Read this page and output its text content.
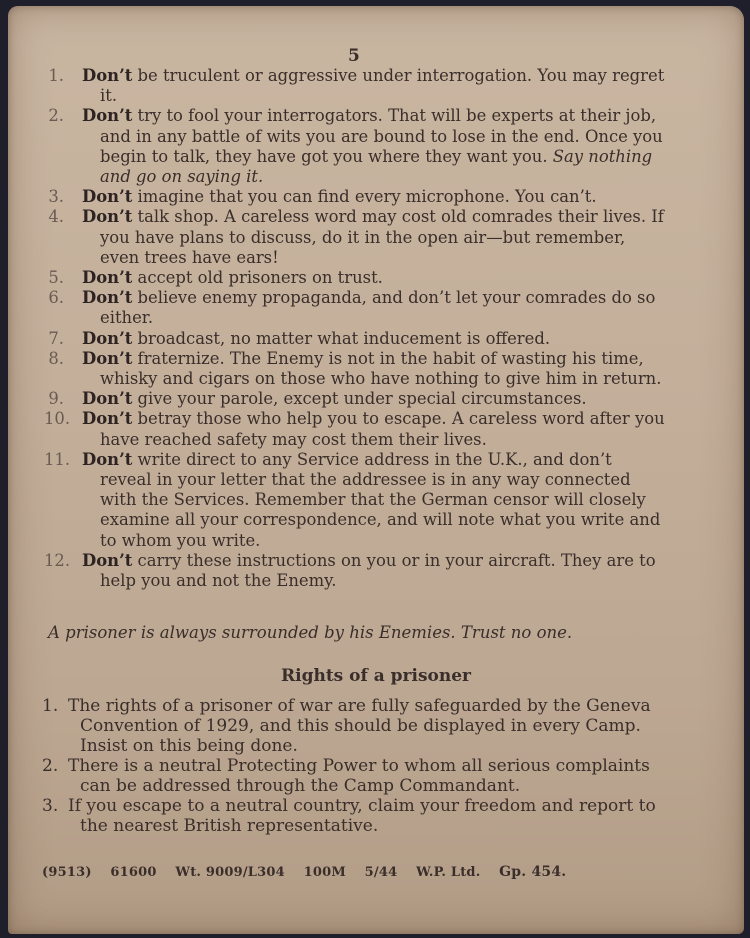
5
1. Don’t be truculent or aggressive under interrogation. You may regret it.
2. Don’t try to fool your interrogators. That will be experts at their job, and in any battle of wits you are bound to lose in the end. Once you begin to talk, they have got you where they want you. Say nothing and go on saying it.
3. Don’t imagine that you can find every microphone. You can’t.
4. Don’t talk shop. A careless word may cost old comrades their lives. If you have plans to discuss, do it in the open air—but remember, even trees have ears!
5. Don’t accept old prisoners on trust.
6. Don’t believe enemy propaganda, and don’t let your comrades do so either.
7. Don’t broadcast, no matter what inducement is offered.
8. Don’t fraternize. The Enemy is not in the habit of wasting his time, whisky and cigars on those who have nothing to give him in return.
9. Don’t give your parole, except under special circumstances.
10. Don’t betray those who help you to escape. A careless word after you have reached safety may cost them their lives.
11. Don’t write direct to any Service address in the U.K., and don’t reveal in your letter that the addressee is in any way connected with the Services. Remember that the German censor will closely examine all your correspondence, and will note what you write and to whom you write.
12. Don’t carry these instructions on you or in your aircraft. They are to help you and not the Enemy.
A prisoner is always surrounded by his Enemies. Trust no one.
Rights of a prisoner
1. The rights of a prisoner of war are fully safeguarded by the Geneva Convention of 1929, and this should be displayed in every Camp. Insist on this being done.
2. There is a neutral Protecting Power to whom all serious complaints can be addressed through the Camp Commandant.
3. If you escape to a neutral country, claim your freedom and report to the nearest British representative.
(9513) 61600 Wt. 9009/L304 100M 5/44 W.P. Ltd. Gp. 454.
